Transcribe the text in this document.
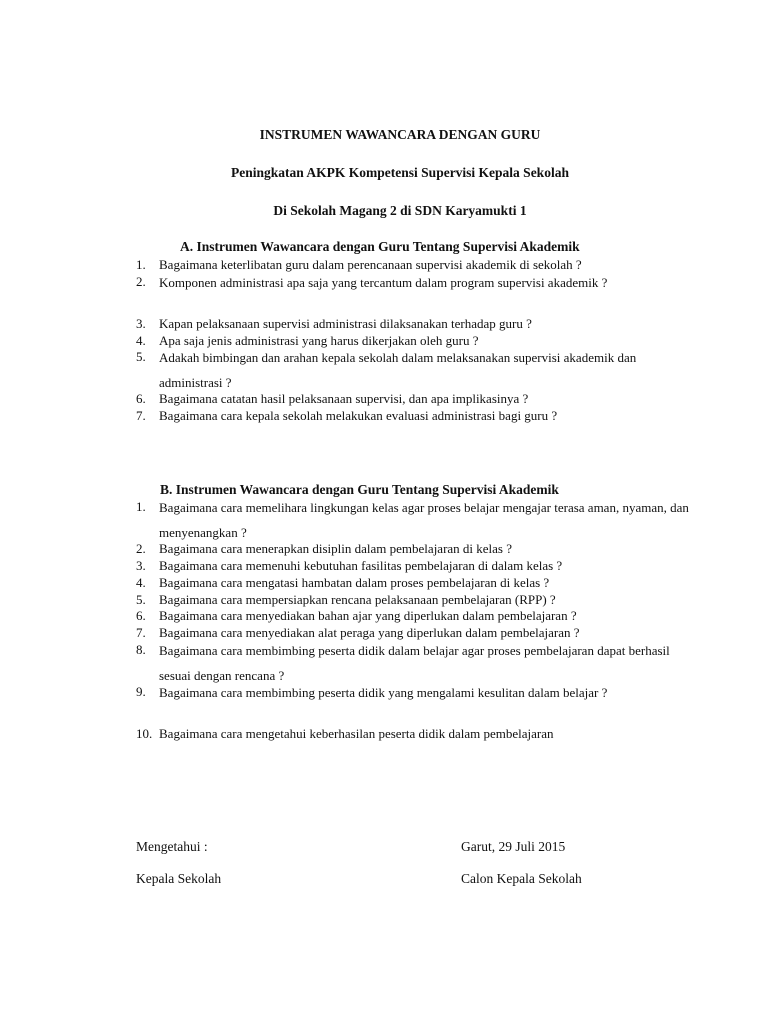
INSTRUMEN WAWANCARA DENGAN GURU
Peningkatan AKPK Kompetensi Supervisi Kepala Sekolah
Di Sekolah Magang 2 di SDN Karyamukti 1
A. Instrumen Wawancara dengan Guru Tentang Supervisi Akademik
1. Bagaimana keterlibatan guru dalam perencanaan supervisi akademik di sekolah ?
2. Komponen administrasi apa saja yang tercantum dalam program supervisi akademik ?
3. Kapan pelaksanaan supervisi administrasi dilaksanakan terhadap guru ?
4. Apa saja jenis administrasi yang harus dikerjakan oleh guru ?
5. Adakah bimbingan dan arahan kepala sekolah dalam melaksanakan supervisi akademik dan administrasi ?
6. Bagaimana catatan hasil pelaksanaan supervisi, dan apa implikasinya ?
7. Bagaimana cara kepala sekolah melakukan evaluasi administrasi bagi guru ?
B. Instrumen Wawancara dengan Guru Tentang Supervisi Akademik
1. Bagaimana cara memelihara lingkungan kelas agar proses belajar mengajar terasa aman, nyaman, dan menyenangkan ?
2. Bagaimana cara menerapkan disiplin dalam pembelajaran di kelas ?
3. Bagaimana cara memenuhi kebutuhan fasilitas pembelajaran di dalam kelas ?
4. Bagaimana cara mengatasi hambatan dalam proses pembelajaran di kelas ?
5. Bagaimana cara mempersiapkan rencana pelaksanaan pembelajaran (RPP) ?
6. Bagaimana cara menyediakan bahan ajar yang diperlukan dalam pembelajaran ?
7. Bagaimana cara menyediakan alat peraga yang diperlukan dalam pembelajaran ?
8. Bagaimana cara membimbing peserta didik dalam belajar agar proses pembelajaran dapat berhasil sesuai dengan rencana ?
9. Bagaimana cara membimbing peserta didik yang mengalami kesulitan dalam belajar ?
10. Bagaimana cara mengetahui keberhasilan peserta didik dalam pembelajaran
Mengetahui :
Kepala Sekolah
Garut, 29 Juli 2015
Calon Kepala Sekolah
